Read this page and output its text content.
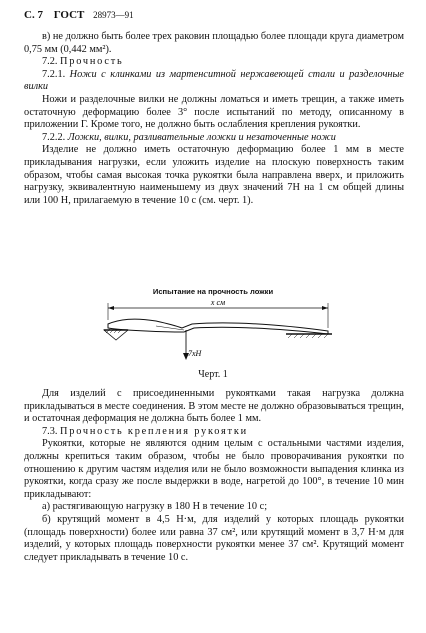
С. 7 ГОСТ 28973—91

в) не должно быть более трех раковин площадью более площади круга диаметром 0,75 мм (0,442 мм²).

7.2. Прочность

7.2.1. Ножи с клинками из мартенситной нержавеющей стали и разделочные вилки

Ножи и разделочные вилки не должны ломаться и иметь трещин, а также иметь остаточную деформацию более 3° после испытаний по методу, описанному в приложении Г. Кроме того, не должно быть ослабления крепления рукоятки.

7.2.2. Ложки, вилки, разливательные ложки и незаточенные ножи

Изделие не должно иметь остаточную деформацию более 1 мм в месте прикладывания нагрузки, если уложить изделие на плоскую поверхность таким образом, чтобы самая высокая точка рукоятки была направлена вверх, и приложить нагрузку, эквивалентную наименьшему из двух значений 7Н на 1 см общей длины или 100 Н, прилагаемую в течение 10 с (см. черт. 1).

Испытание на прочность ложки
x см
7xH
Черт. 1

Для изделий с присоединенными рукоятками такая нагрузка должна прикладываться в месте соединения. В этом месте не должно образовываться трещин, и остаточная деформация не должна быть более 1 мм.

7.3. Прочность крепления рукоятки

Рукоятки, которые не являются одним целым с остальными частями изделия, должны крепиться таким образом, чтобы не было проворачивания рукоятки по отношению к другим частям изделия или не было возможности выпадения клинка из рукоятки, когда сразу же после выдержки в воде, нагретой до 100°, в течение 10 мин прикладывают:

а) растягивающую нагрузку в 180 Н в течение 10 с;

б) крутящий момент в 4,5 Н·м, для изделий у которых площадь рукоятки (площадь поверхности) более или равна 37 см², или крутящий момент в 3,7 Н·м для изделий, у которых площадь поверхности рукоятки менее 37 см². Крутящий момент следует прикладывать в течение 10 с.
